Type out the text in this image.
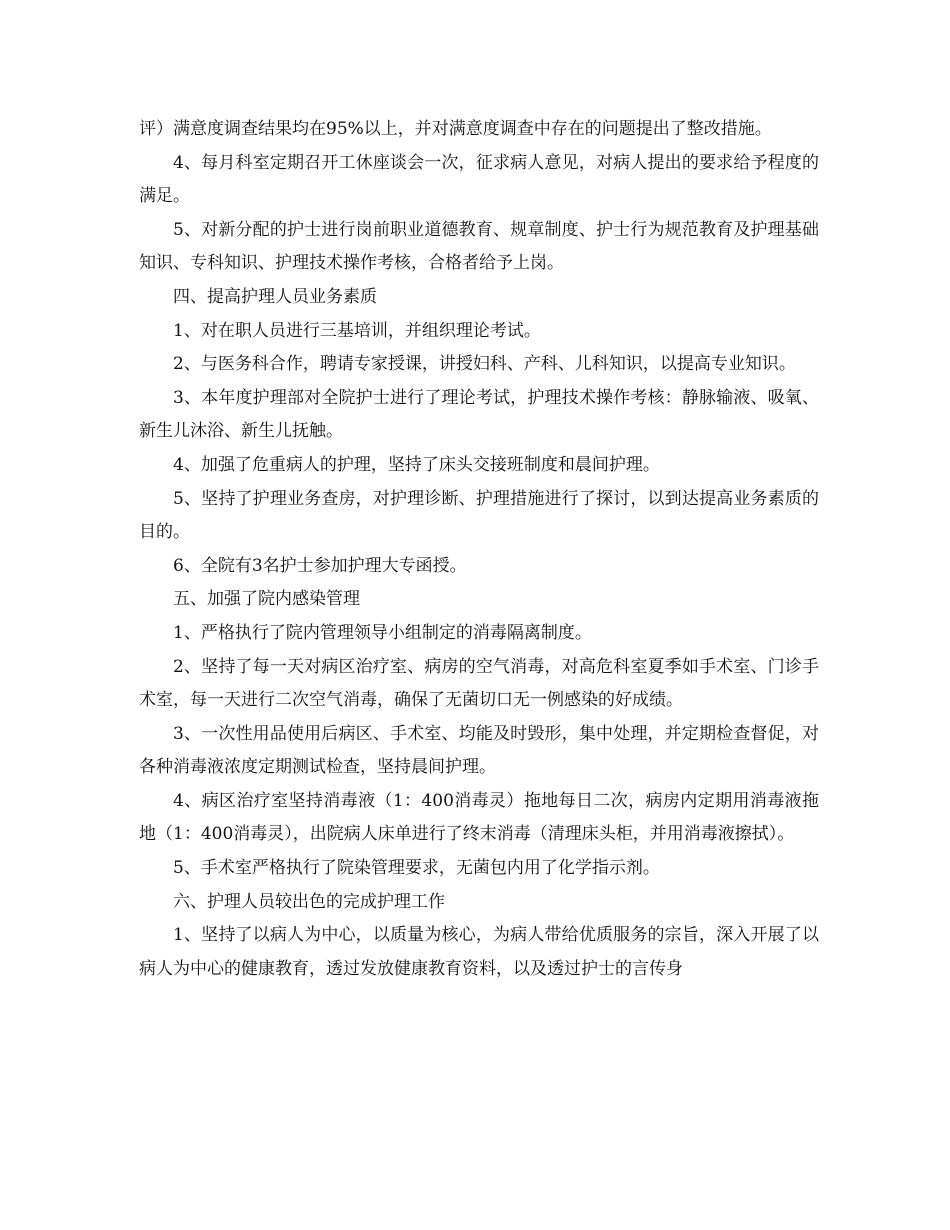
评）满意度调查结果均在95%以上，并对满意度调查中存在的问题提出了整改措施。

4、每月科室定期召开工休座谈会一次，征求病人意见，对病人提出的要求给予程度的满足。

5、对新分配的护士进行岗前职业道德教育、规章制度、护士行为规范教育及护理基础知识、专科知识、护理技术操作考核，合格者给予上岗。

四、提高护理人员业务素质

1、对在职人员进行三基培训，并组织理论考试。

2、与医务科合作，聘请专家授课，讲授妇科、产科、儿科知识，以提高专业知识。

3、本年度护理部对全院护士进行了理论考试，护理技术操作考核：静脉输液、吸氧、新生儿沐浴、新生儿抚触。

4、加强了危重病人的护理，坚持了床头交接班制度和晨间护理。

5、坚持了护理业务查房，对护理诊断、护理措施进行了探讨，以到达提高业务素质的目的。

6、全院有3名护士参加护理大专函授。

五、加强了院内感染管理

1、严格执行了院内管理领导小组制定的消毒隔离制度。

2、坚持了每一天对病区治疗室、病房的空气消毒，对高危科室夏季如手术室、门诊手术室，每一天进行二次空气消毒，确保了无菌切口无一例感染的好成绩。

3、一次性用品使用后病区、手术室、均能及时毁形，集中处理，并定期检查督促，对各种消毒液浓度定期测试检查，坚持晨间护理。

4、病区治疗室坚持消毒液（1：400消毒灵）拖地每日二次，病房内定期用消毒液拖地（1：400消毒灵），出院病人床单进行了终末消毒（清理床头柜，并用消毒液擦拭）。

5、手术室严格执行了院染管理要求，无菌包内用了化学指示剂。

六、护理人员较出色的完成护理工作

1、坚持了以病人为中心，以质量为核心，为病人带给优质服务的宗旨，深入开展了以病人为中心的健康教育，透过发放健康教育资料，以及透过护士的言传身
